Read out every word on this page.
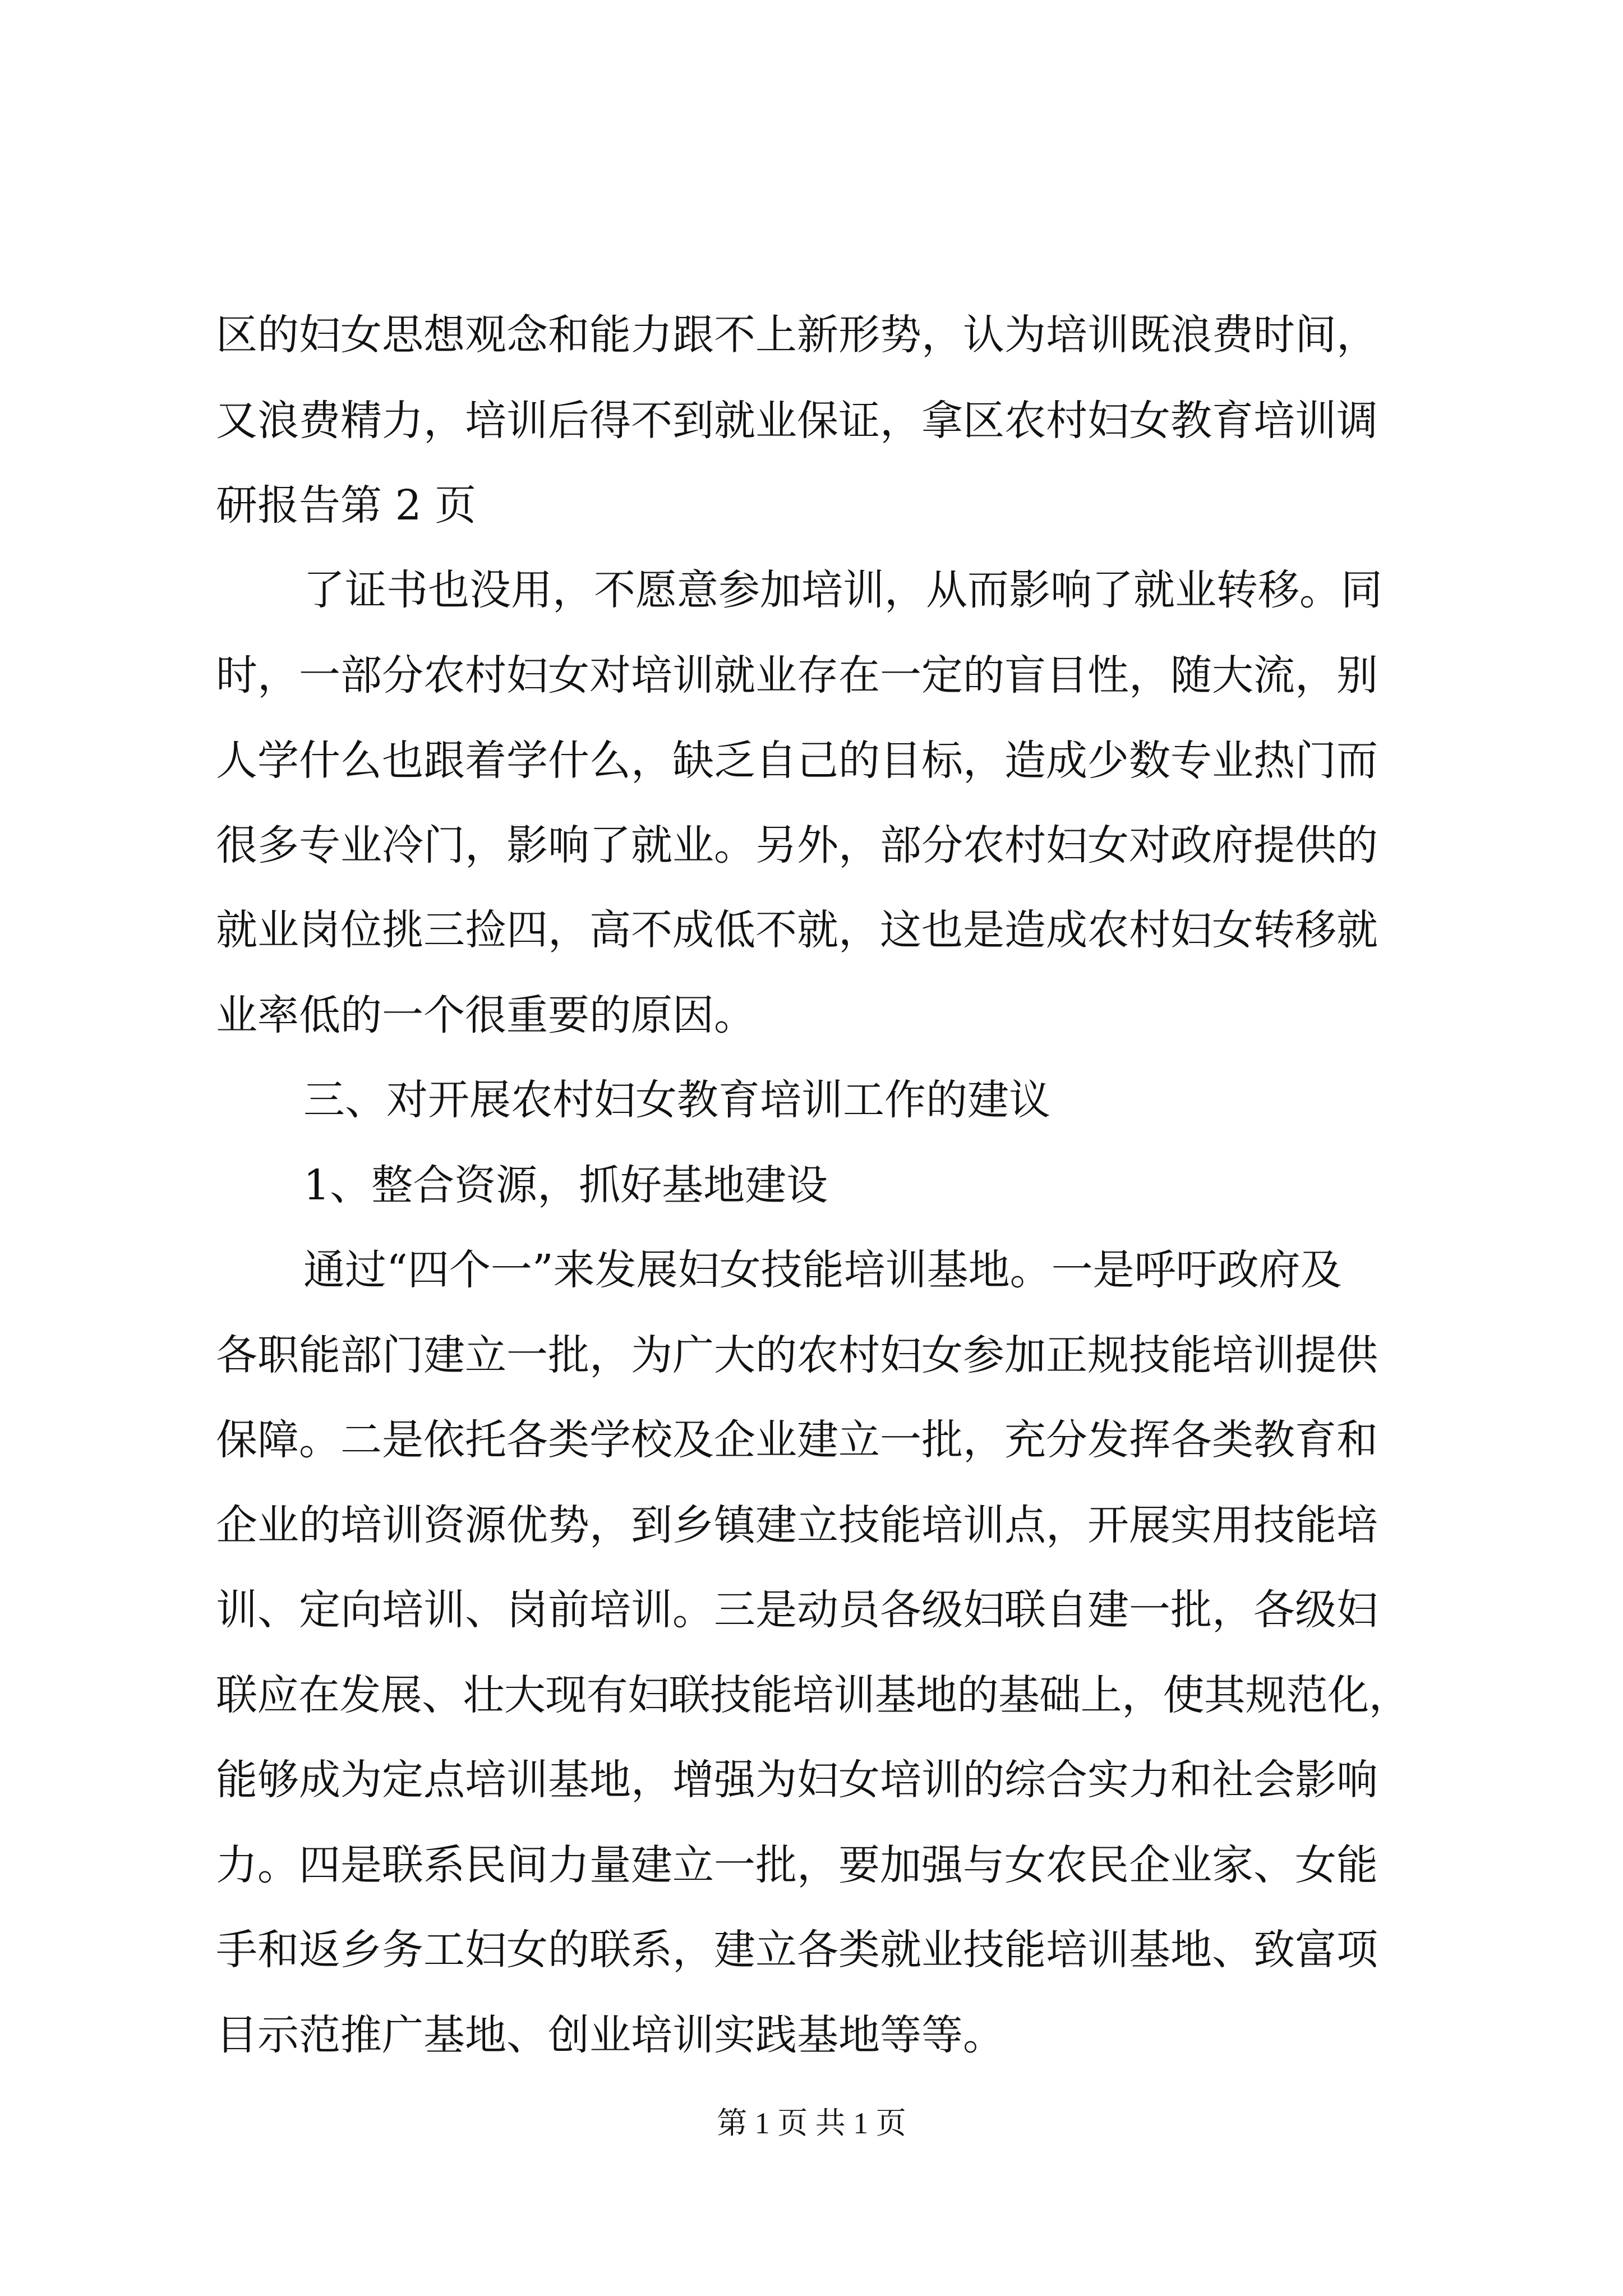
区的妇女思想观念和能力跟不上新形势，认为培训既浪费时间，
又浪费精力，培训后得不到就业保证，拿区农村妇女教育培训调
研报告第 2 页
了证书也没用，不愿意参加培训，从而影响了就业转移。同
时，一部分农村妇女对培训就业存在一定的盲目性，随大流，别
人学什么也跟着学什么，缺乏自己的目标，造成少数专业热门而
很多专业冷门，影响了就业。另外，部分农村妇女对政府提供的
就业岗位挑三捡四，高不成低不就，这也是造成农村妇女转移就
业率低的一个很重要的原因。
三、对开展农村妇女教育培训工作的建议
1、整合资源，抓好基地建设
通过“四个一”来发展妇女技能培训基地。一是呼吁政府及
各职能部门建立一批，为广大的农村妇女参加正规技能培训提供
保障。二是依托各类学校及企业建立一批，充分发挥各类教育和
企业的培训资源优势，到乡镇建立技能培训点，开展实用技能培
训、定向培训、岗前培训。三是动员各级妇联自建一批，各级妇
联应在发展、壮大现有妇联技能培训基地的基础上，使其规范化，
能够成为定点培训基地，增强为妇女培训的综合实力和社会影响
力。四是联系民间力量建立一批，要加强与女农民企业家、女能
手和返乡务工妇女的联系，建立各类就业技能培训基地、致富项
目示范推广基地、创业培训实践基地等等。
第 1 页 共 1 页
